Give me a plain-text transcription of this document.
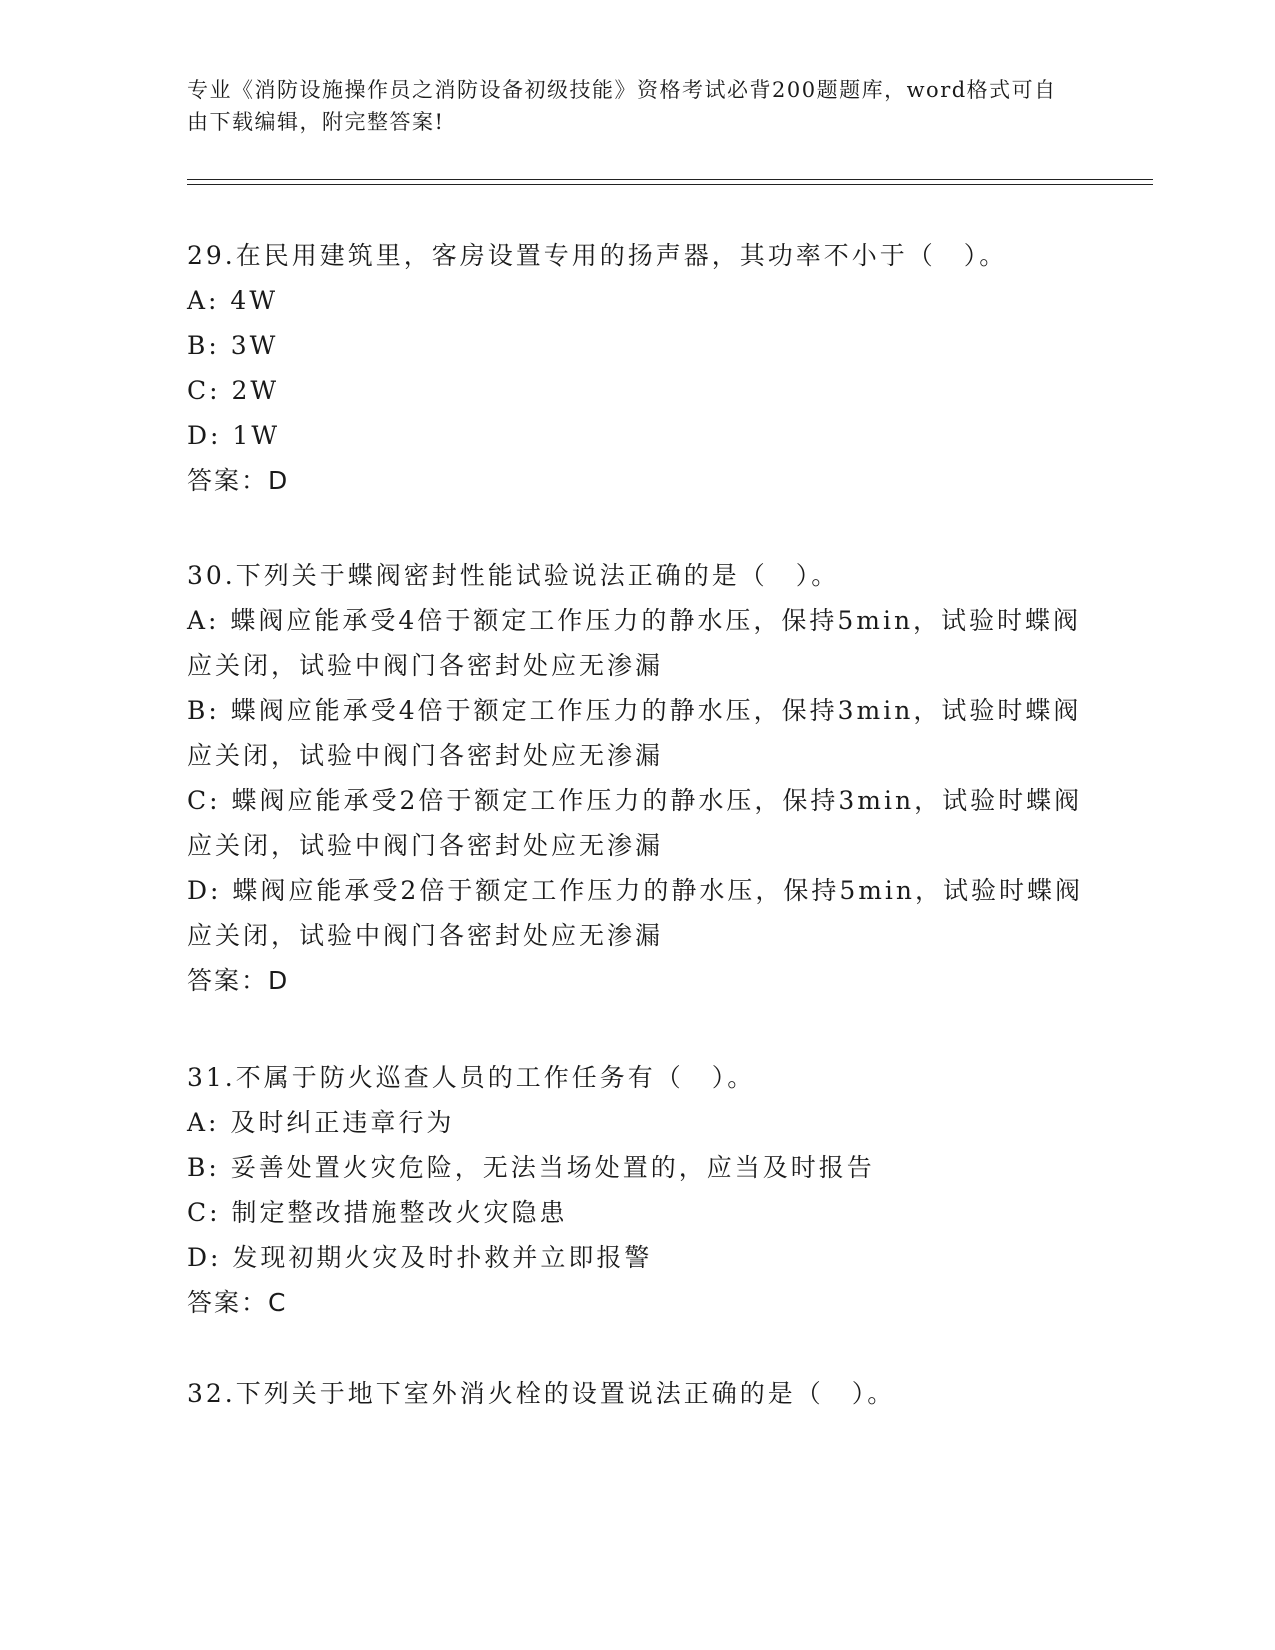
专业《消防设施操作员之消防设备初级技能》资格考试必背200题题库，word格式可自由下载编辑，附完整答案!

29.在民用建筑里，客房设置专用的扬声器，其功率不小于（　）。

A: 4W

B: 3W

C: 2W

D: 1W

答案：D

30.下列关于蝶阀密封性能试验说法正确的是（　）。

A: 蝶阀应能承受4倍于额定工作压力的静水压，保持5min，试验时蝶阀应关闭，试验中阀门各密封处应无渗漏

B: 蝶阀应能承受4倍于额定工作压力的静水压，保持3min，试验时蝶阀应关闭，试验中阀门各密封处应无渗漏

C: 蝶阀应能承受2倍于额定工作压力的静水压，保持3min，试验时蝶阀应关闭，试验中阀门各密封处应无渗漏

D: 蝶阀应能承受2倍于额定工作压力的静水压，保持5min，试验时蝶阀应关闭，试验中阀门各密封处应无渗漏

答案：D

31.不属于防火巡查人员的工作任务有（　）。

A: 及时纠正违章行为

B: 妥善处置火灾危险，无法当场处置的，应当及时报告

C: 制定整改措施整改火灾隐患

D: 发现初期火灾及时扑救并立即报警

答案：C

32.下列关于地下室外消火栓的设置说法正确的是（　）。
